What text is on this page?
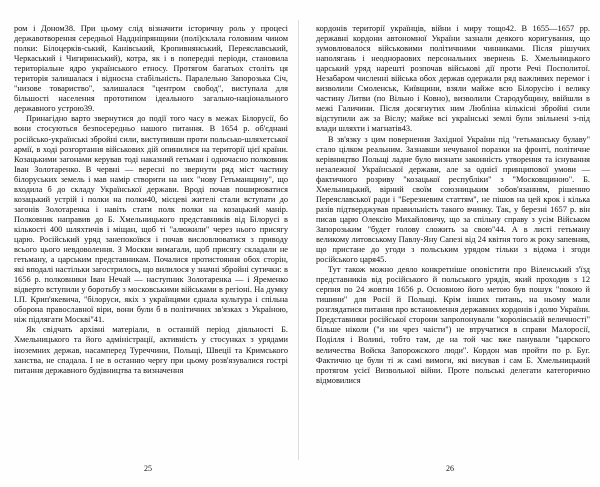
ром і Доном38. При цьому слід візначити історичну роль у процесі державотворення середньої Наддніпрянщини (полі)склала головним чином полки: Білоцерків-ський, Канівський, Кропивнянський, Переяславський, Черкаський і Чигиринський), котра, як і в попередні періоди, становила територіальне ядро українського етносу. Протягом багатьох століть ця територія залишалася і відносна стабільність. Паралельно Запорозька Січ, "низове товариство", залишалася "центром свобод", виступала для більшості населення прототипом ідеального загально-національного державного устрою39.

Принагідно варто звернутися до події того часу в межах Білорусії, бо вони стосуються безпосередньо нашого питання. В 1654 р. об'єднані російсько-українські збройні сили, виступивши проти польсько-шляхетської армії, в ході розгортання військових дій опинилися на території цієї країни. Козацькими загонами керував тоді наказний гетьман і одночасно полковник Іван Золотаренко. В червні — вересні по звернути ряд міст частину білоруських земель і мав намір створити на них "нову Гетьманщину", що входила б до складу Української держави. Вроді почав поширюватися козацький устрій і полки на полки40, місцеві жителі стали вступати до загонів Золотаренка і навіть стати полк полки на козацький манір. Полковник направив до Б. Хмельницького представників від Білорусі в кількості 400 шляхтичів і міщан, щоб ті "алюжили" через нього присягу царю. Російський уряд занепокоївся і почав висловлюватися з приводу всього цього невдоволення. З Москви вимагали, щоб присягу складали не гетьману, а царським представникам. Почалися протистояння обох сторін, які вподалі настільки загострилось, що вилилося у значні збройні сутички: в 1656 р. полковники Іван Нечай — наступник Золотаренка — і Яременко відверто вступили у боротьбу з московськими військами в регіоні. На думку І.П. Крип'якевича, "білоруси, якіх з українцями єднала культура і спільна оборона православної віри, вони були б в політичних зв'язках з Україною, ніж підлягати Москві"41.

Як свідчать архівні матеріали, в останній період діяльності Б. Хмельницького та його адміністрації, активність у стосунках з урядами іноземних держав, насамперед Туреччини, Польщі, Швеції та Кримського ханства, не спадала. І не в останню чергу при цьому розв'язувалися гострі питання державного будівництва та визначення

25

кордонів території українців, війни і миру тощо42. В 1655—1657 рр. державні кордони автономної України зазнали деякого коригування, що зумовлювалося військовими політичними чинниками. Після рішучих наполягань і неоднораових персональних звернень Б. Хмельницького царський уряд нарешті розпочав військові дії проти Речі Посполитої. Незабаром численні війська обох держав одержали ряд важливих перемог і визволили Смоленськ, Київщини, взяли майже всю Білорусію і велику частину Литви (по Вільно і Ковно), визволили Стародубщину, ввійшли в межі Галичини. Після досягнутих ним Люблінa кількісні збройні сили відступили аж за Віслу; майже всі українські землі були звільнені з-під влади шляхти і магнатів43.

В зв'язку з цим повернення Західної України під "гетьманську булаву" стало цілком реальним. Зазнавши нечуваної поразки на фронті, політичне керівництво Польщі ладне було визнати законність утворення та існування незалежної Української держави, але за однієї принципової умови — фактичного розриву "козацької республіки" з "Московщиною". Б. Хмельницький, вірний своїм союзницьким зобов'язанням, рішенню Переяславської ради і "Березневим статтям", не пішов на цей крок і кілька разів підтверджував правильність такого вчинку. Так, у березні 1657 р. він писав царю Олексію Михайловичу, що за спільну справу з усім Військом Запорозьким "будет голову сложить за свою"44. А в листі гетьману великому литовському Павлу-Яну Сапезі від 24 квітня того ж року запевняв, що пристане до угоди з польським урядом тільки з відома і згоди російського царя45.

Тут також можно деяло конкретніше оповістити про Віленський з'їзд представників від російського й польського урядів, який проходив з 12 серпня по 24 жовтня 1656 р. Основною його метою був пошук "покою й тишини" для Росії й Польщі. Крім інших питань, на ньому мали розглядатися питання про встановлення державних кордонів і долю України. Представники російської сторони запропонували "королівській величності" більше ніколи ("и ни чрез чаісти") не втручатися в справи Малоросії, Поділля і Волині, тобто там, де на той час вже панували "царского величества Войска Запорожского люди". Кордон мав пройти по р. Буг. Фактично це були ті ж самі вимоги, які висував і сам Б. Хмельницький протягом усієї Визвольної війни. Проте польські делегати категорично відмовилися

26
